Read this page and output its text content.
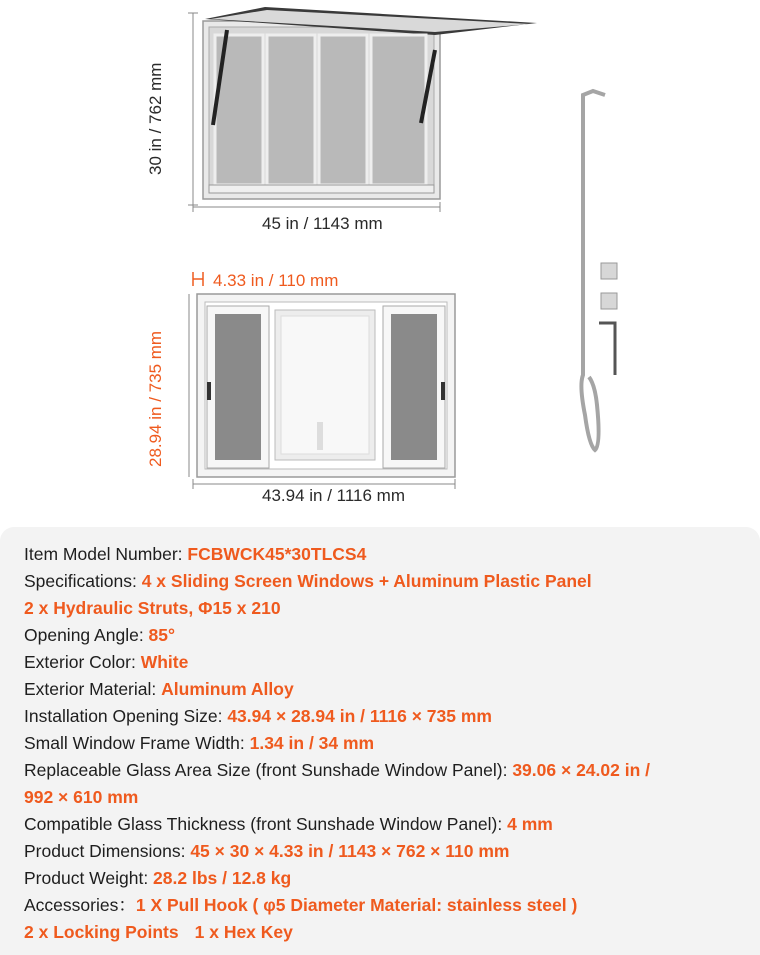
30 in / 762 mm
45 in / 1143 mm
4.33 in / 110 mm
28.94 in / 735 mm
43.94 in / 1116 mm
Item Model Number: FCBWCK45*30TLCS4
Specifications: 4 x Sliding Screen Windows + Aluminum Plastic Panel
2 x Hydraulic Struts, Φ15 x 210
Opening Angle: 85°
Exterior Color: White
Exterior Material: Aluminum Alloy
Installation Opening Size: 43.94 × 28.94 in / 1116 × 735 mm
Small Window Frame Width: 1.34 in / 34 mm
Replaceable Glass Area Size (front Sunshade Window Panel): 39.06 × 24.02 in /
992 × 610 mm
Compatible Glass Thickness (front Sunshade Window Panel): 4 mm
Product Dimensions: 45 × 30 × 4.33 in / 1143 × 762 × 110 mm
Product Weight: 28.2 lbs / 12.8 kg
Accessories：1 X Pull Hook ( φ5 Diameter Material: stainless steel )
2 x Locking Points 1 x Hex Key
